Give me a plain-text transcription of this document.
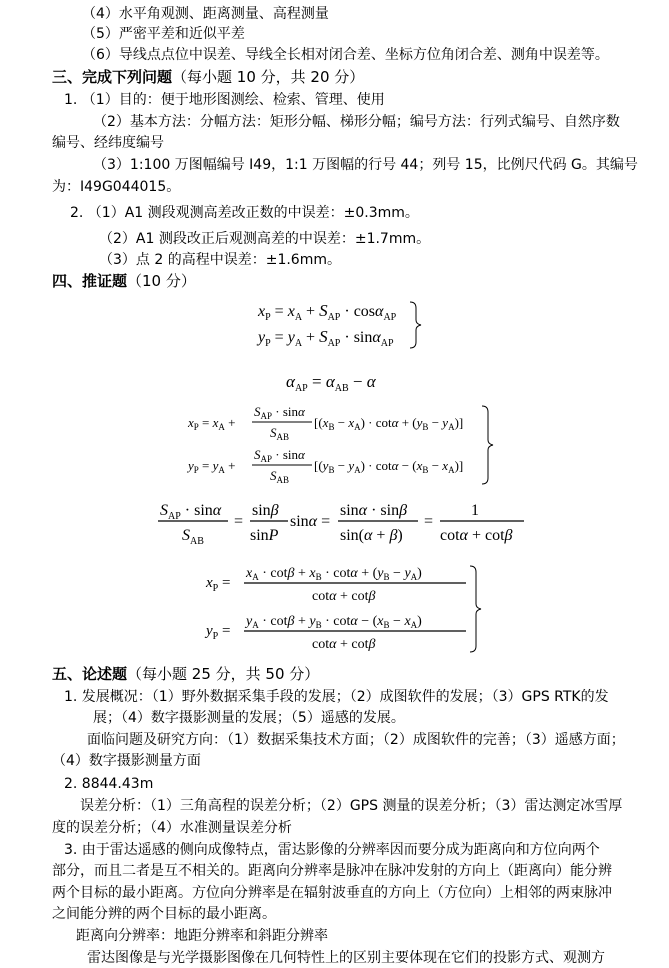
（4）水平角观测、距离测量、高程测量
（5）严密平差和近似平差
（6）导线点点位中误差、导线全长相对闭合差、坐标方位角闭合差、测角中误差等。
三、完成下列问题（每小题 10 分，共 20 分）
1. （1）目的：便于地形图测绘、检索、管理、使用
（2）基本方法：分幅方法：矩形分幅、梯形分幅；编号方法：行列式编号、自然序数
编号、经纬度编号
（3）1:100 万图幅编号 I49，1:1 万图幅的行号 44；列号 15，比例尺代码 G。其编号
为：I49G044015。
2. （1）A1 测段观测高差改正数的中误差：±0.3mm。
（2）A1 测段改正后观测高差的中误差：±1.7mm。
（3）点 2 的高程中误差：±1.6mm。
四、推证题（10 分）
$x_P = x_A + S_{AP} \cdot \cos\alpha_{AP}$
$y_P = y_A + S_{AP} \cdot \sin\alpha_{AP}$
$\alpha_{AP} = \alpha_{AB} - \alpha$
$x_P = x_A$ +
$S_{AP} \cdot \sin\alpha$
$S_{AB}$
$[(x_B - x_A) \cdot \cot\alpha + (y_B - y_A)]$
$y_P = y_A$ +
$S_{AP} \cdot \sin\alpha$
$S_{AB}$
$[(y_B - y_A) \cdot \cot\alpha - (x_B - x_A)]$
$S_{AP} \cdot \sin\alpha$
$S_{AB}$
=
sinβ
sinP
sinα =
sinα · sinβ
sin(α + β)
=
1
cotα + cotβ
$x_P$ =
$x_A \cdot \cot\beta + x_B \cdot \cot\alpha + (y_B - y_A)$
cotα + cotβ
$y_P$ =
$y_A \cdot \cot\beta + y_B \cdot \cot\alpha - (x_B - x_A)$
cotα + cotβ
五、论述题（每小题 25 分，共 50 分）
1. 发展概况：（1）野外数据采集手段的发展；（2）成图软件的发展；（3）GPS RTK的发
展；（4）数字摄影测量的发展；（5）遥感的发展。
面临问题及研究方向：（1）数据采集技术方面；（2）成图软件的完善；（3）遥感方面；
（4）数字摄影测量方面
2. 8844.43m
误差分析：（1）三角高程的误差分析；（2）GPS 测量的误差分析；（3）雷达测定冰雪厚
度的误差分析；（4）水准测量误差分析
3. 由于雷达遥感的侧向成像特点，雷达影像的分辨率因而要分成为距离向和方位向两个
部分，而且二者是互不相关的。距离向分辨率是脉冲在脉冲发射的方向上（距离向）能分辨
两个目标的最小距离。方位向分辨率是在辐射波垂直的方向上（方位向）上相邻的两束脉冲
之间能分辨的两个目标的最小距离。
距离向分辨率：地距分辨率和斜距分辨率
雷达图像是与光学摄影图像在几何特性上的区别主要体现在它们的投影方式、观测方
